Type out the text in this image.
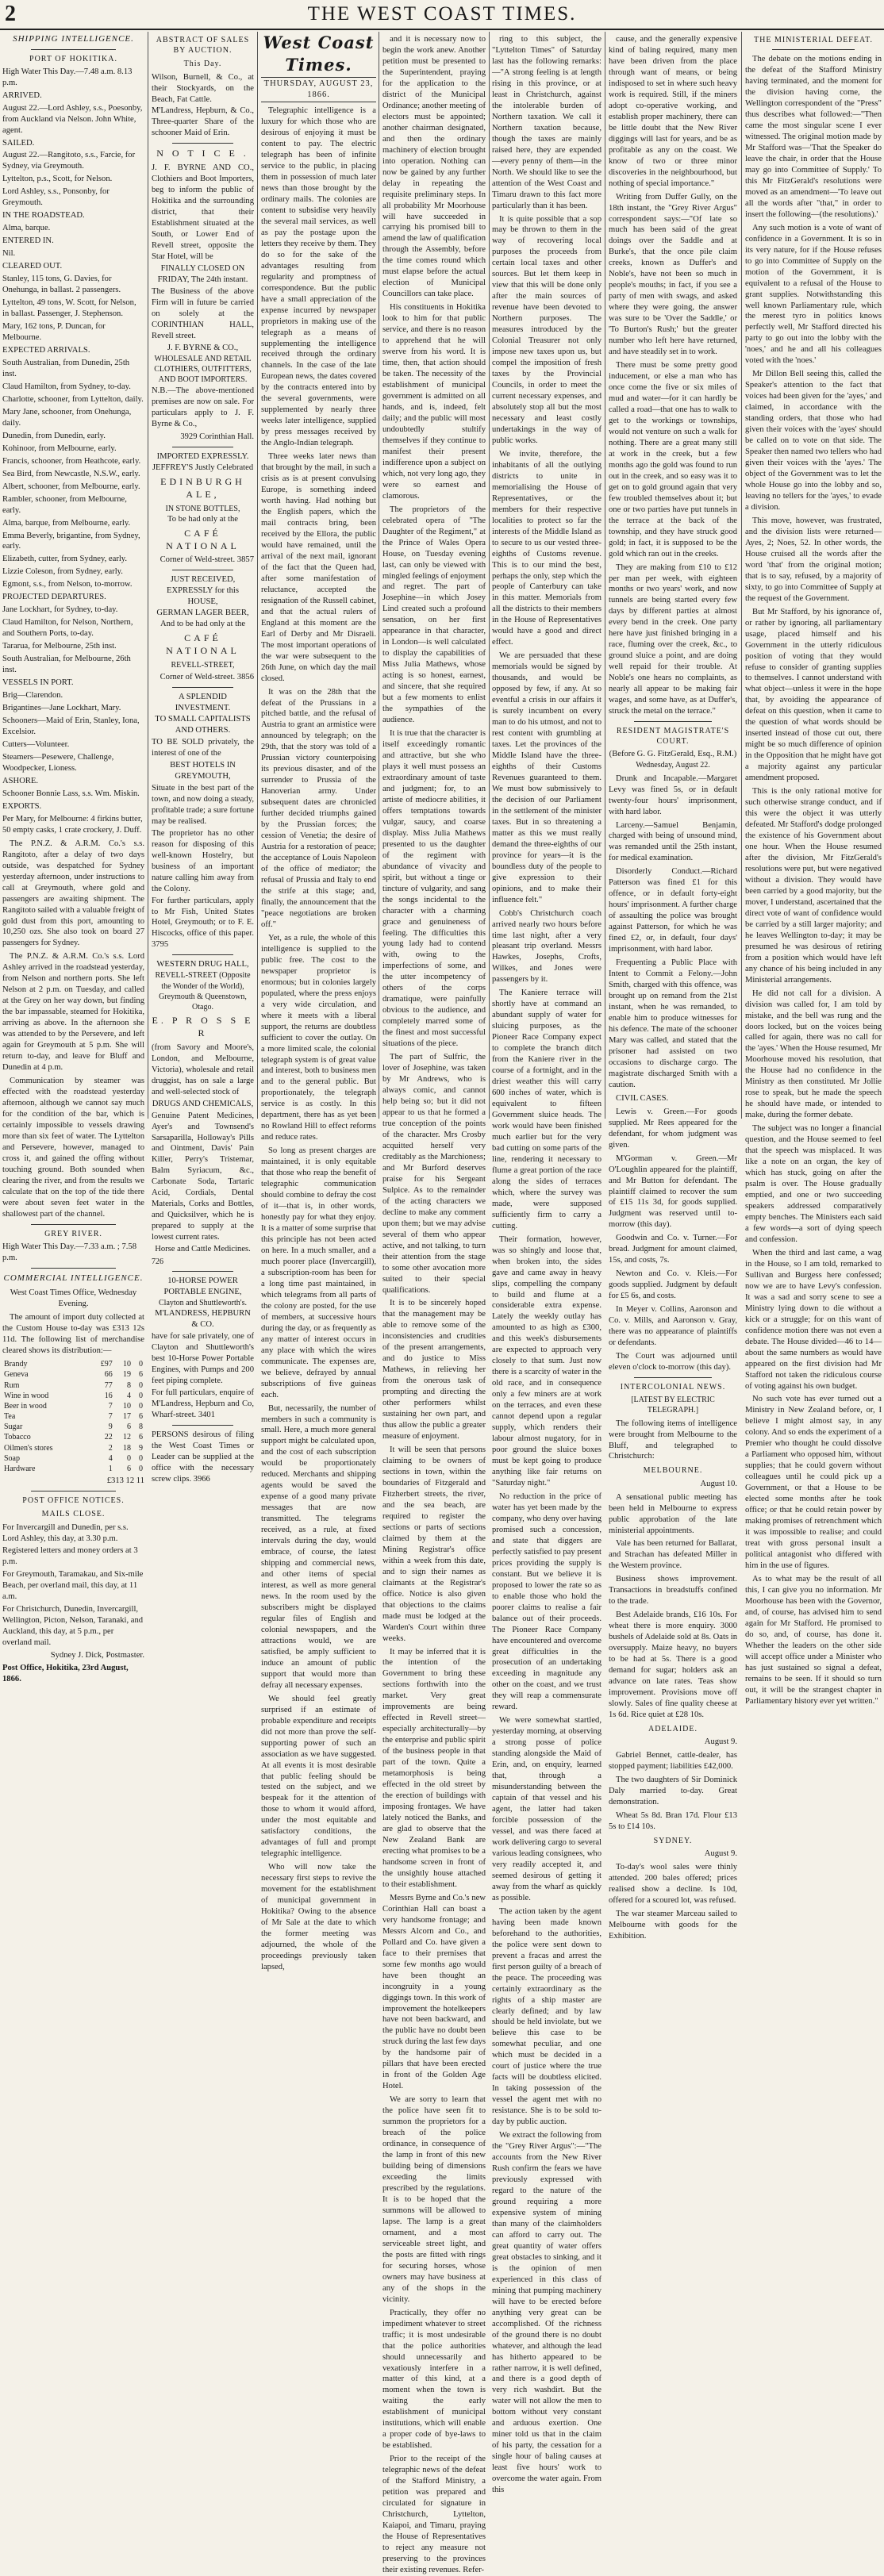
2	THE WEST COAST TIMES.
SHIPPING INTELLIGENCE.
PORT OF HOKITIKA.
High Water This Day.—7.48 a.m. 8.13 p.m.
ARRIVED.
August 22.—Lord Ashley, s.s., Poesonby, from Auckland via Nelson. John White, agent.
SAILED.
August 22.—Rangitoto, s.s., Farcie, for Sydney, via Greymouth.
Lyttelton, p.s., Scott, for Nelson.
Lord Ashley, s.s., Ponsonby, for Greymouth.
IN THE ROADSTEAD.
Alma, barque.
ENTERED IN.
Nil.
CLEARED OUT.
Stanley, 115 tons, G. Davies, for Onehunga, in ballast. 2 passengers.
Lyttelton, 49 tons, W. Scott, for Nelson, in ballast. Passenger, J. Stephenson.
Mary, 162 tons, P. Duncan, for Melbourne.
EXPECTED ARRIVALS.
South Australian, from Dunedin, 25th inst.
Claud Hamilton, from Sydney, to-day.
Charlotte, schooner, from Lyttelton, daily.
Mary Jane, schooner, from Onehunga, daily.
Dunedin, from Dunedin, early.
Kohinoor, from Melbourne, early.
Francis, schooner, from Heathcote, early.
Sea Bird, from Newcastle, N.S.W., early.
Albert, schooner, from Melbourne, early.
Rambler, schooner, from Melbourne, early.
Alma, barque, from Melbourne, early.
Emma Beverly, brigantine, from Sydney, early.
Elizabeth, cutter, from Sydney, early.
Lizzie Coleson, from Sydney, early.
Egmont, s.s., from Nelson, to-morrow.
PROJECTED DEPARTURES.
Jane Lockhart, for Sydney, to-day.
Claud Hamilton, for Nelson, Northern, and Southern Ports, to-day.
Tararua, for Melbourne, 25th inst.
South Australian, for Melbourne, 26th inst.
VESSELS IN PORT.
Brig—Clarendon.
Brigantines—Jane Lockhart, Mary.
Schooners—Maid of Erin, Stanley, Iona, Excelsior.
Cutters—Volunteer.
Steamers—Pesewere, Challenge, Woodpecker, Lioness.
ASHORE.
Schooner Bonnie Lass, s.s. Wm. Miskin.
EXPORTS.
Per Mary, for Melbourne: 4 firkins butter, 50 empty casks, 1 crate crockery, J. Duff.
The P.N.Z. & A.R.M. Co.'s s.s. Rangitoto, after a delay of two days outside, was despatched for Sydney yesterday afternoon, under instructions to call at Greymouth, where gold and passengers are awaiting shipment. The Rangitoto sailed with a valuable freight of gold dust from this port, amounting to 10,250 ozs. She also took on board 27 passengers for Sydney.
The P.N.Z. & A.R.M. Co.'s s.s. Lord Ashley arrived in the roadstead yesterday, from Nelson and northern ports. She left Nelson at 2 p.m. on Tuesday, and called at the Grey on her way down, but finding the bar impassable, steamed for Hokitika, arriving as above. In the afternoon she was attended to by the Persevere, and left again for Greymouth at 5 p.m. She will return to-day, and leave for Bluff and Dunedin at 4 p.m.
Communication by steamer was effected with the roadstead yesterday afternoon, although we cannot say much for the condition of the bar, which is certainly impossible to vessels drawing more than six feet of water. The Lyttelton and Persevere, however, managed to cross it, and gained the offing without touching ground. Both sounded when clearing the river, and from the results we calculate that on the top of the tide there were about seven feet water in the shallowest part of the channel.
GREY RIVER.
High Water This Day.—7.33 a.m. ; 7.58 p.m.
COMMERCIAL INTELLIGENCE.
West Coast Times Office, Wednesday Evening.
The amount of import duty collected at the Custom House to-day was £313 12s 11d. The following list of merchandise cleared shows its distribution:—
Brandy	£97	10	0
Geneva	66	19	6
Rum	77	8	0
Wine in wood	16	4	0
Beer in wood	7	10	0
Tea	7	17	6
Sugar	9	6	8
Tobacco	22	12	6
Oilmen's stores	2	18	9
Soap	4	0	0
Hardware	1	6	0
£313 12 11
POST OFFICE NOTICES.
MAILS CLOSE.
For Invercargill and Dunedin, per s.s. Lord Ashley, this day, at 3.30 p.m.
Registered letters and money orders at 3 p.m.
For Greymouth, Taramakau, and Six-mile Beach, per overland mail, this day, at 11 a.m.
For Christchurch, Dunedin, Invercargill, Wellington, Picton, Nelson, Taranaki, and Auckland, this day, at 5 p.m., per overland mail.
Sydney J. Dick, Postmaster.
Post Office, Hokitika, 23rd August, 1866.
ABSTRACT OF SALES BY AUCTION.
This Day.
Wilson, Burnell, & Co., at their Stockyards, on the Beach, Fat Cattle.
M'Landress, Hepburn, & Co., Three-quarter Share of the schooner Maid of Erin.
N O T I C E .
J. F. BYRNE AND CO., Clothiers and Boot Importers, beg to inform the public of Hokitika and the surrounding district, that their Establishment situated at the South, or Lower End of Revell street, opposite the Star Hotel, will be
FINALLY CLOSED ON FRIDAY, The 24th instant.
The Business of the above Firm will in future be carried on solely at the CORINTHIAN HALL, Revell street.
J. F. BYRNE & CO.,
WHOLESALE AND RETAIL CLOTHIERS, OUTFITTERS, AND BOOT IMPORTERS.
N.B.—The above-mentioned premises are now on sale. For particulars apply to J. F. Byrne & Co.,
3929 Corinthian Hall.
IMPORTED EXPRESSLY.
JEFFREY'S Justly Celebrated
EDINBURGH ALE,
IN STONE BOTTLES,
To be had only at the
CAFÉ NATIONAL
Corner of Weld-street. 3857
JUST RECEIVED,
EXPRESSLY for this HOUSE,
GERMAN LAGER BEER,
And to be had only at the
CAFÉ NATIONAL
REVELL-STREET,
Corner of Weld-street. 3856
A SPLENDID INVESTMENT.
TO SMALL CAPITALISTS AND OTHERS.
TO BE SOLD privately, the interest of one of the
BEST HOTELS IN GREYMOUTH,
Situate in the best part of the town, and now doing a steady, profitable trade; a sure fortune may be realised.
The proprietor has no other reason for disposing of this well-known Hostelry, but business of an important nature calling him away from the Colony.
For further particulars, apply to Mr Fish, United States Hotel, Greymouth; or to F. E. Hiscocks, office of this paper. 3795
WESTERN DRUG HALL,
REVELL-STREET (Opposite the Wonder of the World), Greymouth & Queenstown, Otago.
E. P R O S S E R
(from Savory and Moore's, London, and Melbourne, Victoria), wholesale and retail druggist, has on sale a large and well-selected stock of
DRUGS AND CHEMICALS,
Genuine Patent Medicines, Ayer's and Townsend's Sarsaparilla, Holloway's Pills and Ointment, Davis' Pain Killer, Perry's Tristemar, Balm Syriacum, &c., Carbonate Soda, Tartaric Acid, Cordials, Dental Materials, Corks and Bottles, and Quicksilver, which he is prepared to supply at the lowest current rates.
Horse and Cattle Medicines.
726
10-HORSE POWER PORTABLE ENGINE,
Clayton and Shuttleworth's.
M'LANDRESS, HEPBURN & CO.
have for sale privately, one of Clayton and Shuttleworth's best 10-Horse Power Portable Engines, with Pumps and 200 feet piping complete.
For full particulars, enquire of M'Landress, Hepburn and Co, Wharf-street. 3401
PERSONS desirous of filing the West Coast Times or Leader can be supplied at the office with the necessary screw clips. 3966
West Coast Times.
THURSDAY, AUGUST 23, 1866.
Telegraphic intelligence is a luxury for which those who are desirous of enjoying it must be content to pay. The electric telegraph has been of infinite service to the public, in placing them in possession of much later news than those brought by the ordinary mails. The colonies are content to subsidise very heavily the several mail services, as well as pay the postage upon the letters they receive by them. They do so for the sake of the advantages resulting from regularity and promptness of correspondence. But the public have a small appreciation of the expense incurred by newspaper proprietors in making use of the telegraph as a means of supplementing the intelligence received through the ordinary channels. In the case of the late European news, the dates covered by the contracts entered into by the several governments, were supplemented by nearly three weeks later intelligence, supplied by press messages received by the Anglo-Indian telegraph.
Three weeks later news than that brought by the mail, in such a crisis as is at present convulsing Europe, is something indeed worth having. Had nothing but the English papers, which the mail contracts bring, been received by the Ellora, the public would have remained, until the arrival of the next mail, ignorant of the fact that the Queen had, after some manifestation of reluctance, accepted the resignation of the Russell cabinet, and that the actual rulers of England at this moment are the Earl of Derby and Mr Disraeli. The most important operations of the war were subsequent to the 26th June, on which day the mail closed.
It was on the 28th that the defeat of the Prussians in a pitched battle, and the refusal of Austria to grant an armistice were announced by telegraph; on the 29th, that the story was told of a Prussian victory counterpoising its previous disaster, and of the surrender to Prussia of the Hanoverian army. Under subsequent dates are chronicled further decided triumphs gained by the Prussian forces; the cession of Venetia; the desire of Austria for a restoration of peace; the acceptance of Louis Napoleon of the office of mediator; the refusal of Prussia and Italy to end the strife at this stage; and, finally, the announcement that the "peace negotiations are broken off."
Yet, as a rule, the whole of this intelligence is supplied to the public free. The cost to the newspaper proprietor is enormous; but in colonies largely populated, where the press enjoys a very wide circulation, and where it meets with a liberal support, the returns are doubtless sufficient to cover the outlay. On a more limited scale, the colonial telegraph system is of great value and interest, both to business men and to the general public. But proportionately, the telegraph service is as costly. In this department, there has as yet been no Rowland Hill to effect reforms and reduce rates.
So long as present charges are maintained, it is only equitable that those who reap the benefit of telegraphic communication should combine to defray the cost of it—that is, in other words, honestly pay for what they enjoy. It is a matter of some surprise that this principle has not been acted on here. In a much smaller, and a much poorer place (Invercargill), a subscription-room has been for a long time past maintained, in which telegrams from all parts of the colony are posted, for the use of members, at successive hours during the day, or as frequently as any matter of interest occurs in any place with which the wires communicate. The expenses are, we believe, defrayed by annual subscriptions of five guineas each.
But, necessarily, the number of members in such a community is small. Here, a much more general support might be calculated upon, and the cost of each subscription would be proportionately reduced. Merchants and shipping agents would be saved the expense of a good many private messages that are now transmitted. The telegrams received, as a rule, at fixed intervals during the day, would embrace, of course, the latest shipping and commercial news, and other items of special interest, as well as more general news. In the room used by the subscribers might be displayed regular files of English and colonial newspapers, and the attractions would, we are satisfied, be amply sufficient to induce an amount of public support that would more than defray all necessary expenses.
We should feel greatly surprised if an estimate of probable expenditure and receipts did not more than prove the self-supporting power of such an association as we have suggested. At all events it is most desirable that public feeling should be tested on the subject, and we bespeak for it the attention of those to whom it would afford, under the most equitable and satisfactory conditions, the advantages of full and prompt telegraphic intelligence.
Who will now take the necessary first steps to revive the movement for the establishment of municipal government in Hokitika? Owing to the absence of Mr Sale at the date to which the former meeting was adjourned, the whole of the proceedings previously taken lapsed,
and it is necessary now to begin the work anew. Another petition must be presented to the Superintendent, praying for the application to the district of the Municipal Ordinance; another meeting of electors must be appointed; another chairman designated, and then the ordinary machinery of election brought into operation. Nothing can now be gained by any further delay in repeating the requisite preliminary steps. In all probability Mr Moorhouse will have succeeded in carrying his promised bill to amend the law of qualification through the Assembly, before the time comes round which must elapse before the actual election of Municipal Councillors can take place.
His constituents in Hokitika look to him for that public service, and there is no reason to apprehend that he will swerve from his word. It is time, then, that action should be taken. The necessity of the establishment of municipal government is admitted on all hands, and is, indeed, felt daily; and the public will most undoubtedly stultify themselves if they continue to manifest their present indifference upon a subject on which, not very long ago, they were so earnest and clamorous.
The proprietors of the celebrated opera of "The Daughter of the Regiment," at the Prince of Wales Opera House, on Tuesday evening last, can only be viewed with mingled feelings of enjoyment and regret. The part of Josephine—in which Josey Lind created such a profound sensation, on her first appearance in that character, in London—is well calculated to display the capabilities of Miss Julia Mathews, whose acting is so honest, earnest, and sincere, that she required but a few moments to enlist the sympathies of the audience.
It is true that the character is itself exceedingly romantic and attractive, but she who plays it well must possess an extraordinary amount of taste and judgment; for, to an artiste of mediocre abilities, it offers temptations towards vulgar, saucy, and coarse display. Miss Julia Mathews presented to us the daughter of the regiment with abundance of vivacity and spirit, but without a tinge or tincture of vulgarity, and sang the songs incidental to the character with a charming grace and genuineness of feeling. The difficulties this young lady had to contend with, owing to the imperfections of some, and the utter incompetency of others of the corps dramatique, were painfully obvious to the audience, and completely marred some of the finest and most successful situations of the piece.
The part of Sulfric, the lover of Josephine, was taken by Mr Andrews, who is always comic, and cannot help being so; but it did not appear to us that he formed a true conception of the points of the character. Mrs Crosby acquitted herself very creditably as the Marchioness; and Mr Burford deserves praise for his Sergeant Sulpice. As to the remainder of the acting characters we decline to make any comment upon them; but we may advise several of them who appear active, and not talking, to turn their attention from the stage to some other avocation more suited to their special qualifications.
It is to be sincerely hoped that the management may be able to remove some of the inconsistencies and crudities of the present arrangements, and do justice to Miss Mathews, in relieving her from the onerous task of prompting and directing the other performers whilst sustaining her own part, and thus allow the public a greater measure of enjoyment.
It will be seen that persons claiming to be owners of sections in town, within the boundaries of Fitzgerald and Fitzherbert streets, the river, and the sea beach, are required to register the sections or parts of sections claimed by them at the Mining Registrar's office within a week from this date, and to sign their names as claimants at the Registrar's office. Notice is also given that objections to the claims made must be lodged at the Warden's Court within three weeks.
It may be inferred that it is the intention of the Government to bring these sections forthwith into the market. Very great improvements are being effected in Revell street—especially architecturally—by the enterprise and public spirit of the business people in that part of the town. Quite a metamorphosis is being effected in the old street by the erection of buildings with imposing frontages. We have lately noticed the Banks, and are glad to observe that the New Zealand Bank are erecting what promises to be a handsome screen in front of the unsightly house attached to their establishment.
Messrs Byrne and Co.'s new Corinthian Hall can boast a very handsome frontage; and Messrs Alcorn and Co., and Pollard and Co. have given a face to their premises that some few months ago would have been thought an incongruity in a young diggings town. In this work of improvement the hotelkeepers have not been backward, and the public have no doubt been struck during the last few days by the handsome pair of pillars that have been erected in front of the Golden Age Hotel.
We are sorry to learn that the police have seen fit to summon the proprietors for a breach of the police ordinance, in consequence of the lamp in front of this new building being of dimensions exceeding the limits prescribed by the regulations. It is to be hoped that the summons will be allowed to lapse. The lamp is a great ornament, and a most serviceable street light, and the posts are fitted with rings for securing horses, whose owners may have business at any of the shops in the vicinity.
Practically, they offer no impediment whatever to street traffic; it is most undesirable that the police authorities should unnecessarily and vexatiously interfere in a matter of this kind, at a moment when the town is waiting the early establishment of municipal institutions, which will enable a proper code of bye-laws to be established.
Prior to the receipt of the telegraphic news of the defeat of the Stafford Ministry, a petition was prepared and circulated for signature in Christchurch, Lyttelton, Kaiapoi, and Timaru, praying the House of Representatives to reject any measure not preserving to the provinces their existing revenues. Refer-
ring to this subject, the "Lyttelton Times" of Saturday last has the following remarks:—"A strong feeling is at length rising in this province, or at least in Christchurch, against the intolerable burden of Northern taxation. We call it Northern taxation because, though the taxes are mainly raised here, they are expended—every penny of them—in the North. We should like to see the attention of the West Coast and Timaru drawn to this fact more particularly than it has been.
It is quite possible that a sop may be thrown to them in the way of recovering local purposes the proceeds from certain local taxes and other sources. But let them keep in view that this will be done only after the main sources of revenue have been devoted to Northern purposes. The measures introduced by the Colonial Treasurer not only impose new taxes upon us, but compel the imposition of fresh taxes by the Provincial Councils, in order to meet the current necessary expenses, and absolutely stop all but the most necessary and least costly undertakings in the way of public works.
We invite, therefore, the inhabitants of all the outlying districts to unite in memorialising the House of Representatives, or the members for their respective localities to protect so far the interests of the Middle Island as to secure to us our vested three-eighths of Customs revenue. This is to our mind the best, perhaps the only, step which the people of Canterbury can take in this matter. Memorials from all the districts to their members in the House of Representatives would have a good and direct effect.
We are persuaded that these memorials would be signed by thousands, and would be opposed by few, if any. At so eventful a crisis in our affairs it is surely incumbent on every man to do his utmost, and not to rest content with grumbling at taxes. Let the provinces of the Middle Island have the three-eighths of their Customs Revenues guaranteed to them. We must bow submissively to the decision of our Parliament in the settlement of the minister taxes. But in so threatening a matter as this we must really demand the three-eighths of our province for years—it is the boundless duty of the people to give expression to their opinions, and to make their influence felt."
Cobb's Christchurch coach arrived nearly two hours before time last night, after a very pleasant trip overland. Messrs Hawkes, Josephs, Crofts, Wilkes, and Jones were passengers by it.
The Kaniere terrace will shortly have at command an abundant supply of water for sluicing purposes, as the Pioneer Race Company expect to complete the branch ditch from the Kaniere river in the course of a fortnight, and in the driest weather this will carry 600 inches of water, which is equivalent to fifteen Government sluice heads. The work would have been finished much earlier but for the very bad cutting on some parts of the line, rendering it necessary to flume a great portion of the race along the sides of terraces which, where the survey was made, were supposed sufficiently firm to carry a cutting.
Their formation, however, was so shingly and loose that, when broken into, the sides gave and came away in heavy slips, compelling the company to build and flume at a considerable extra expense. Lately the weekly outlay has amounted to as high as £300, and this week's disbursements are expected to approach very closely to that sum. Just now there is a scarcity of water in the old race, and in consequence only a few miners are at work on the terraces, and even these cannot depend upon a regular supply, which renders their labour almost nugatory, for in poor ground the sluice boxes must be kept going to produce anything like fair returns on "Saturday night."
No reduction in the price of water has yet been made by the company, who deny over having promised such a concession, and state that diggers are perfectly satisfied to pay present prices providing the supply is constant. But we believe it is proposed to lower the rate so as to enable those who hold the poorer claims to realise a fair balance out of their proceeds. The Pioneer Race Company have encountered and overcome great difficulties in the prosecution of an undertaking exceeding in magnitude any other on the coast, and we trust they will reap a commensurate reward.
We were somewhat startled, yesterday morning, at observing a strong posse of police standing alongside the Maid of Erin, and, on enquiry, learned that, through a misunderstanding between the captain of that vessel and his agent, the latter had taken forcible possession of the vessel, and was there faced at work delivering cargo to several various leading consignees, who very readily accepted it, and seemed desirous of getting it away from the wharf as quickly as possible.
The action taken by the agent having been made known beforehand to the authorities, the police were sent down to prevent a fracas and arrest the first person guilty of a breach of the peace. The proceeding was certainly extraordinary as the rights of a ship master are clearly defined; and by law should be held inviolate, but we believe this case to be somewhat peculiar, and one which must be decided in a court of justice where the true facts will be doubtless elicited. In taking possession of the vessel the agent met with no resistance. She is to be sold to-day by public auction.
We extract the following from the "Grey River Argus":—"The accounts from the New River Rush confirm the fears we have previously expressed with regard to the nature of the ground requiring a more expensive system of mining than many of the claimholders can afford to carry out. The great quantity of water offers great obstacles to sinking, and it is the opinion of men experienced in this class of mining that pumping machinery will have to be erected before anything very great can be accomplished. Of the richness of the ground there is no doubt whatever, and although the lead has hitherto appeared to be rather narrow, it is well defined, and there is a good depth of very rich washdirt. But the water will not allow the men to bottom without very constant and arduous exertion. One miner told us that in the claim of his party, the cessation for a single hour of baling causes at least five hours' work to overcome the water again. From this
cause, and the generally expensive kind of baling required, many men have been driven from the place through want of means, or being indisposed to set in where such heavy work is required. Still, if the miners adopt co-operative working, and establish proper machinery, there can be little doubt that the New River diggings will last for years, and be as profitable as any on the coast. We know of two or three minor discoveries in the neighbourhood, but nothing of special importance."
Writing from Duffer Gully, on the 18th instant, the "Grey River Argus" correspondent says:—"Of late so much has been said of the great doings over the Saddle and at Burke's, that the once pile claim creeks, known as Duffer's and Noble's, have not been so much in people's mouths; in fact, if you see a party of men with swags, and asked where they were going, the answer was sure to be 'Over the Saddle,' or 'To Burton's Rush;' but the greater number who left here have returned, and have steadily set in to work.
There must be some pretty good inducement, or else a man who has once come the five or six miles of mud and water—for it can hardly be called a road—that one has to walk to get to the workings or townships, would not venture on such a walk for nothing. There are a great many still at work in the creek, but a few months ago the gold was found to run out in the creek, and so easy was it to get on to gold ground again that very few troubled themselves about it; but one or two parties have put tunnels in the terrace at the back of the township, and they have struck good gold; in fact, it is supposed to be the gold which ran out in the creeks.
They are making from £10 to £12 per man per week, with eighteen months or two years' work, and now tunnels are being started every few days by different parties at almost every bend in the creek. One party here have just finished bringing in a race, fluming over the creek, &c., to ground sluice a point, and are doing well repaid for their trouble. At Noble's one hears no complaints, as nearly all appear to be making fair wages, and some have, as at Duffer's, struck the metal on the terrace."
RESIDENT MAGISTRATE'S COURT.
(Before G. G. FitzGerald, Esq., R.M.)
Wednesday, August 22.
Drunk and Incapable.—Margaret Levy was fined 5s, or in default twenty-four hours' imprisonment, with hard labor.
Larceny.—Samuel Benjamin, charged with being of unsound mind, was remanded until the 25th instant, for medical examination.
Disorderly Conduct.—Richard Patterson was fined £1 for this offence, or in default forty-eight hours' imprisonment. A further charge of assaulting the police was brought against Patterson, for which he was fined £2, or, in default, four days' imprisonment, with hard labor.
Frequenting a Public Place with Intent to Commit a Felony.—John Smith, charged with this offence, was brought up on remand from the 21st instant, when he was remanded, to enable him to produce witnesses for his defence. The mate of the schooner Mary was called, and stated that the prisoner had assisted on two occasions to discharge cargo. The magistrate discharged Smith with a caution.
CIVIL CASES.
Lewis v. Green.—For goods supplied. Mr Rees appeared for the defendant, for whom judgment was given.
M'Gorman v. Green.—Mr O'Loughlin appeared for the plaintiff, and Mr Button for defendant. The plaintiff claimed to recover the sum of £15 11s 3d, for goods supplied. Judgment was reserved until to-morrow (this day).
Goodwin and Co. v. Turner.—For bread. Judgment for amount claimed, 15s, and costs, 7s.
Newton and Co. v. Kleis.—For goods supplied. Judgment by default for £5 6s, and costs.
In Meyer v. Collins, Aaronson and Co. v. Mills, and Aaronson v. Gray, there was no appearance of plaintiffs or defendants.
The Court was adjourned until eleven o'clock to-morrow (this day).
INTERCOLONIAL NEWS.
[LATEST BY ELECTRIC TELEGRAPH.]
The following items of intelligence were brought from Melbourne to the Bluff, and telegraphed to Christchurch:
MELBOURNE.
August 10.
A sensational public meeting has been held in Melbourne to express public approbation of the late ministerial appointments.
Vale has been returned for Ballarat, and Strachan has defeated Miller in the Western province.
Business shows improvement. Transactions in breadstuffs confined to the trade.
Best Adelaide brands, £16 10s. For wheat there is more enquiry. 3000 bushels of Adelaide sold at 8s. Oats in oversupply. Maize heavy, no buyers to be had at 5s. There is a good demand for sugar; holders ask an advance on late rates. Teas show improvement. Provisions move off slowly. Sales of fine quality cheese at 1s 6d. Rice quiet at £28 10s.
ADELAIDE.
August 9.
Gabriel Bennet, cattle-dealer, has stopped payment; liabilities £42,000.
The two daughters of Sir Dominick Daly married to-day. Great demonstration.
Wheat 5s 8d. Bran 17d. Flour £13 5s to £14 10s.
SYDNEY.
August 9.
To-day's wool sales were thinly attended. 200 bales offered; prices realised show a decline. Is 10d, offered for a scoured lot, was refused.
The war steamer Marceau sailed to Melbourne with goods for the Exhibition.
THE MINISTERIAL DEFEAT.
The debate on the motions ending in the defeat of the Stafford Ministry having terminated, and the moment for the division having come, the Wellington correspondent of the "Press" thus describes what followed:—"Then came the most singular scene I ever witnessed. The original motion made by Mr Stafford was—'That the Speaker do leave the chair, in order that the House may go into Committee of Supply.' To this Mr FitzGerald's resolutions were moved as an amendment—'To leave out all the words after "that," in order to insert the following—(the resolutions).'
Any such motion is a vote of want of confidence in a Government. It is so in its very nature, for if the House refuses to go into Committee of Supply on the motion of the Government, it is equivalent to a refusal of the House to grant supplies. Notwithstanding this well known Parliamentary rule, which the merest tyro in politics knows perfectly well, Mr Stafford directed his party to go out into the lobby with the 'noes,' and he and all his colleagues voted with the 'noes.'
Mr Dillon Bell seeing this, called the Speaker's attention to the fact that voices had been given for the 'ayes,' and claimed, in accordance with the standing orders, that those who had given their voices with the 'ayes' should be called on to vote on that side. The Speaker then named two tellers who had given their voices with the 'ayes.' The object of the Government was to let the whole House go into the lobby and so, leaving no tellers for the 'ayes,' to evade a division.
This move, however, was frustrated, and the division lists were returned—Ayes, 2; Noes, 52. In other words, the House cruised all the words after the word 'that' from the original motion; that is to say, refused, by a majority of sixty, to go into Committee of Supply at the request of the Government.
But Mr Stafford, by his ignorance of, or rather by ignoring, all parliamentary usage, placed himself and his Government in the utterly ridiculous position of voting that they would refuse to consider of granting supplies to themselves. I cannot understand with what object—unless it were in the hope that, by avoiding the appearance of defeat on this question, when it came to the question of what words should be inserted instead of those cut out, there might be so much difference of opinion in the Opposition that he might have got a majority against any particular amendment proposed.
This is the only rational motive for such otherwise strange conduct, and if this were the object it was utterly defeated. Mr Stafford's dodge prolonged the existence of his Government about one hour. When the House resumed after the division, Mr FitzGerald's resolutions were put, but were negatived without a division. They would have been carried by a good majority, but the mover, I understand, ascertained that the direct vote of want of confidence would be carried by a still larger majority; and he leaves Wellington to-day; it may be presumed he was desirous of retiring from a position which would have left any chance of his being included in any Ministerial arrangements.
He did not call for a division. A division was called for, I am told by mistake, and the bell was rung and the doors locked, but on the voices being called for again, there was no call for the 'ayes.' When the House resumed, Mr Moorhouse moved his resolution, that the House had no confidence in the Ministry as then constituted. Mr Jollie rose to speak, but he made the speech he should have made, or intended to make, during the former debate.
The subject was no longer a financial question, and the House seemed to feel that the speech was misplaced. It was like a note on an organ, the key of which has stuck, going on after the psalm is over. The House gradually emptied, and one or two succeeding speakers addressed comparatively empty benches. The Ministers each said a few words—a sort of dying speech and confession.
When the third and last came, a wag in the House, so I am told, remarked to Sullivan and Burgess here confessed; now we are to have Levy's confession. It was a sad and sorry scene to see a Ministry lying down to die without a kick or a struggle; for on this want of confidence motion there was not even a debate. The House divided—46 to 14—about the same numbers as would have appeared on the first division had Mr Stafford not taken the ridiculous course of voting against his own budget.
No such vote has ever turned out a Ministry in New Zealand before, or, I believe I might almost say, in any colony. And so ends the experiment of a Premier who thought he could dissolve a Parliament who opposed him, without supplies; that he could govern without colleagues until he could pick up a Government, or that a House to be elected some months after he took office; or that he could retain power by making promises of retrenchment which it was impossible to realise; and could treat with gross personal insult a political antagonist who differed with him in the use of figures.
As to what may be the result of all this, I can give you no information. Mr Moorhouse has been with the Governor, and, of course, has advised him to send again for Mr Stafford. He promised to do so, and, of course, has done it. Whether the leaders on the other side will accept office under a Minister who has just sustained so signal a defeat, remains to be seen. If it should so turn out, it will be the strangest chapter in Parliamentary history ever yet written."
